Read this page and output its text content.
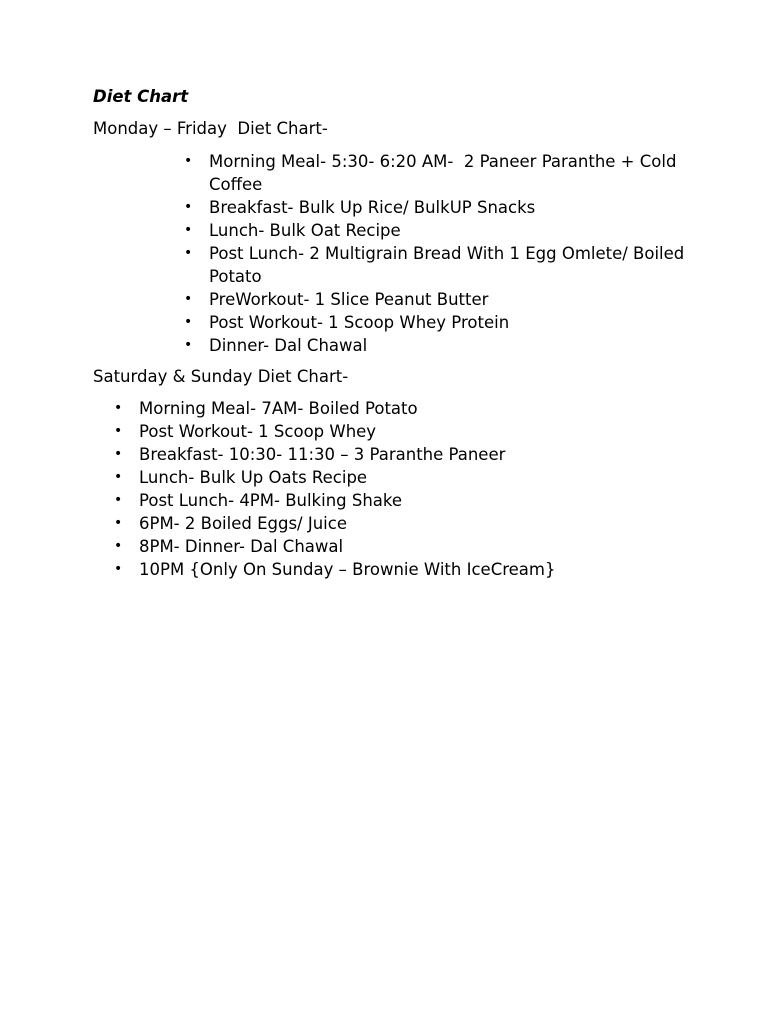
Diet Chart

Monday – Friday  Diet Chart-

• Morning Meal- 5:30- 6:20 AM-  2 Paneer Paranthe + Cold Coffee
• Breakfast- Bulk Up Rice/ BulkUP Snacks
• Lunch- Bulk Oat Recipe
• Post Lunch- 2 Multigrain Bread With 1 Egg Omlete/ Boiled Potato
• PreWorkout- 1 Slice Peanut Butter
• Post Workout- 1 Scoop Whey Protein
• Dinner- Dal Chawal

Saturday & Sunday Diet Chart-

• Morning Meal- 7AM- Boiled Potato
• Post Workout- 1 Scoop Whey
• Breakfast- 10:30- 11:30 – 3 Paranthe Paneer
• Lunch- Bulk Up Oats Recipe
• Post Lunch- 4PM- Bulking Shake
• 6PM- 2 Boiled Eggs/ Juice
• 8PM- Dinner- Dal Chawal
• 10PM {Only On Sunday – Brownie With IceCream}
